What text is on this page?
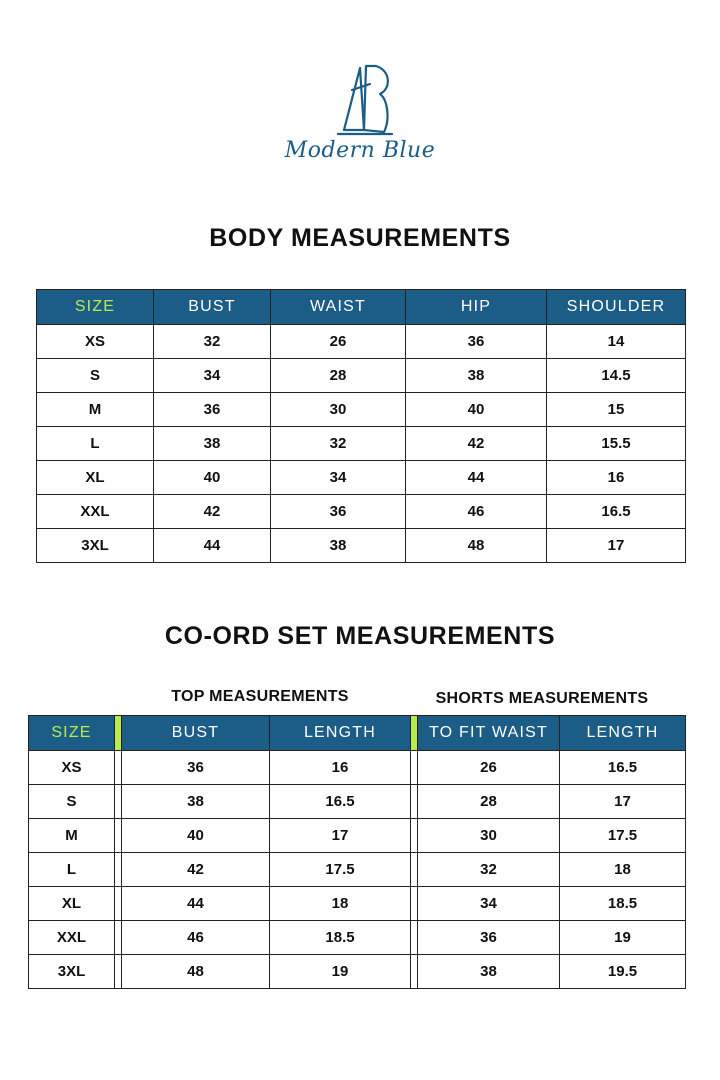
Modern Blue
BODY MEASUREMENTS
SIZE	BUST	WAIST	HIP	SHOULDER
XS	32	26	36	14
S	34	28	38	14.5
M	36	30	40	15
L	38	32	42	15.5
XL	40	34	44	16
XXL	42	36	46	16.5
3XL	44	38	48	17
CO-ORD SET MEASUREMENTS
TOP MEASUREMENTS	SHORTS MEASUREMENTS
SIZE		BUST	LENGTH		TO FIT WAIST	LENGTH
XS		36	16		26	16.5
S		38	16.5		28	17
M		40	17		30	17.5
L		42	17.5		32	18
XL		44	18		34	18.5
XXL		46	18.5		36	19
3XL		48	19		38	19.5
